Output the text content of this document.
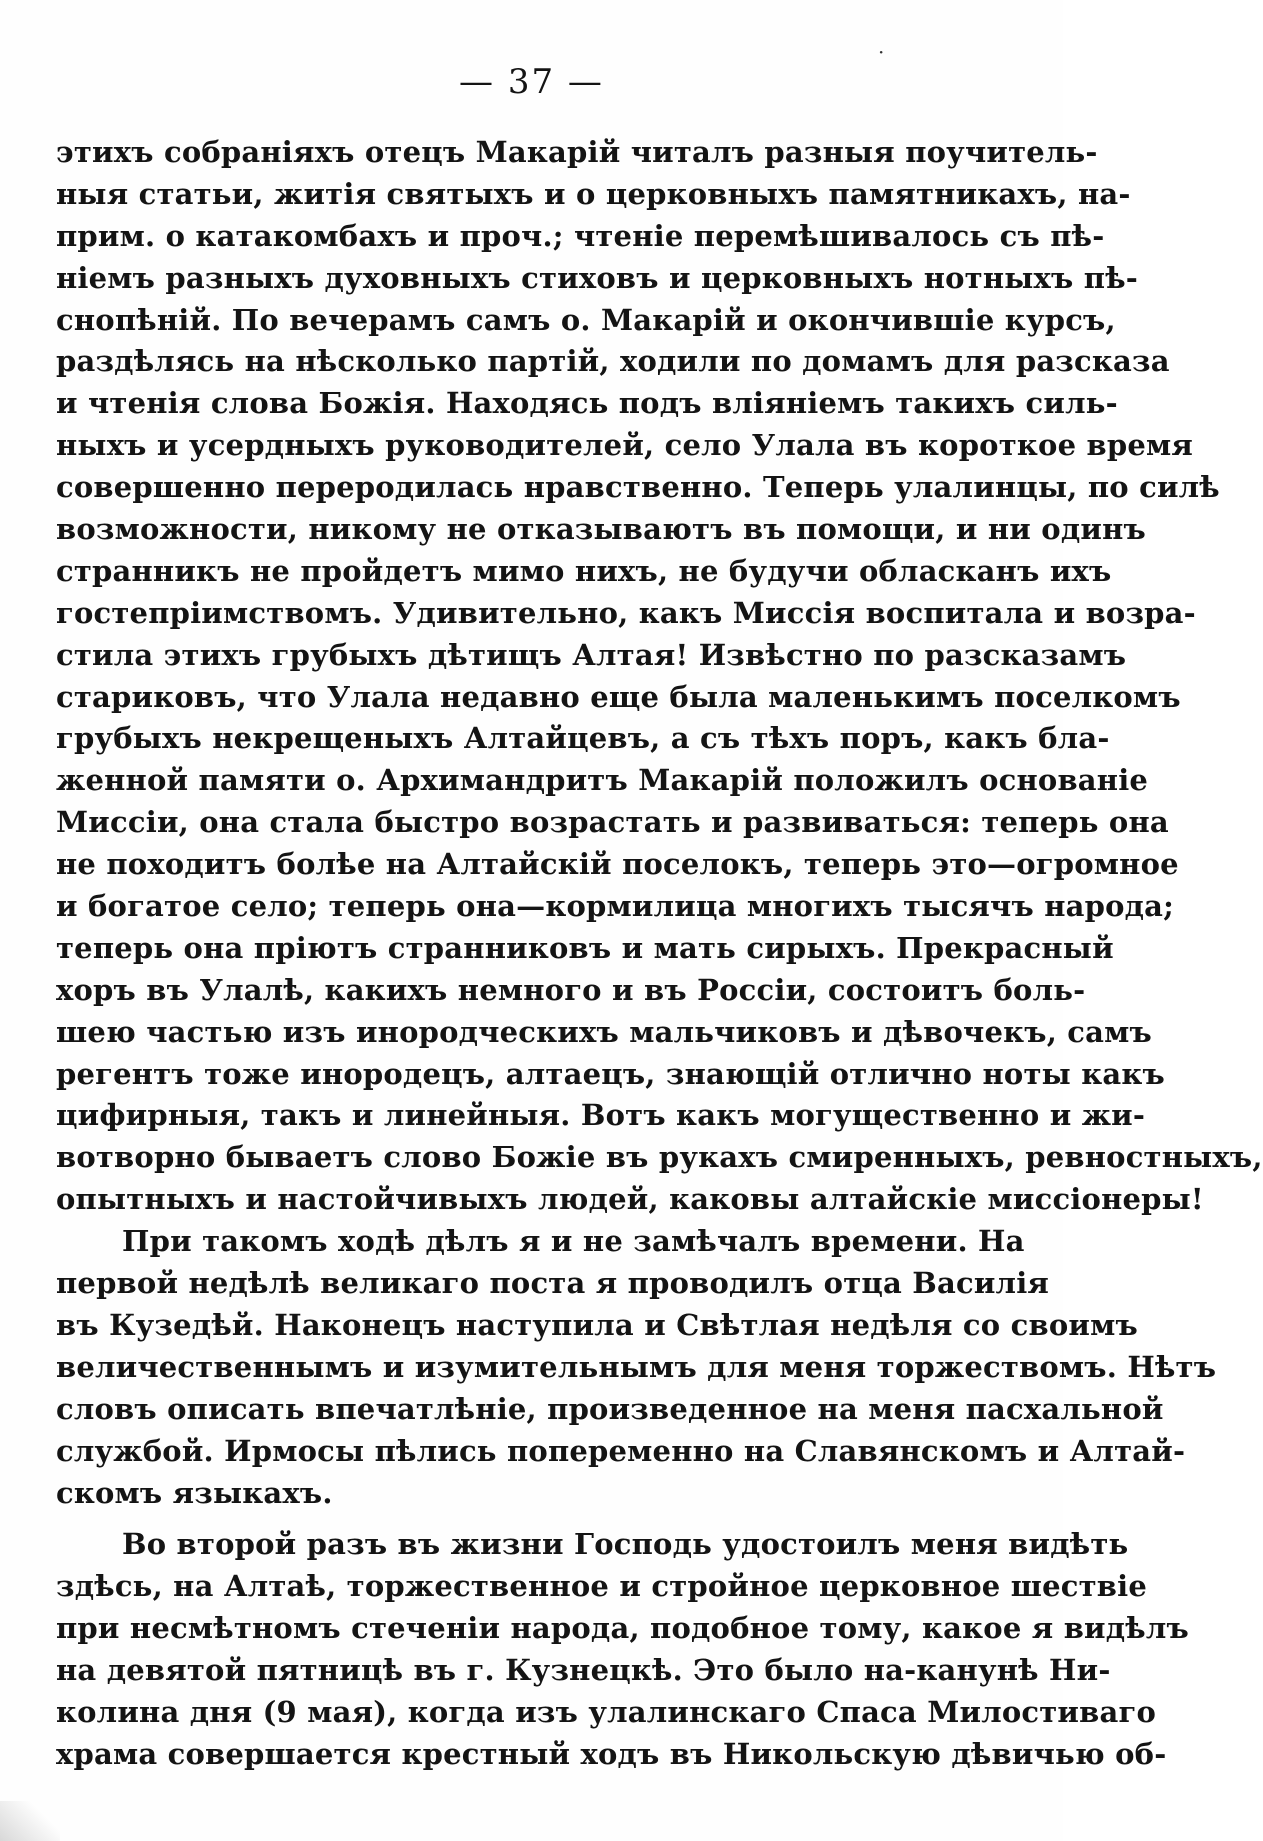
·
— 37 —
этихъ собраніяхъ отецъ Макарій читалъ разныя поучитель-
ныя статьи, житія святыхъ и о церковныхъ памятникахъ, на-
прим. о катакомбахъ и проч.; чтеніе перемѣшивалось съ пѣ-
ніемъ разныхъ духовныхъ стиховъ и церковныхъ нотныхъ пѣ-
снопѣній. По вечерамъ самъ о. Макарій и окончившіе курсъ,
раздѣлясь на нѣсколько партій, ходили по домамъ для разсказа
и чтенія слова Божія. Находясь подъ вліяніемъ такихъ силь-
ныхъ и усердныхъ руководителей, село Улала въ короткое время
совершенно переродилась нравственно. Теперь улалинцы, по силѣ
возможности, никому не отказываютъ въ помощи, и ни одинъ
странникъ не пройдетъ мимо нихъ, не будучи обласканъ ихъ
гостепріимствомъ. Удивительно, какъ Миссія воспитала и возра-
стила этихъ грубыхъ дѣтищъ Алтая! Извѣстно по разсказамъ
стариковъ, что Улала недавно еще была маленькимъ поселкомъ
грубыхъ некрещеныхъ Алтайцевъ, а съ тѣхъ поръ, какъ бла-
женной памяти о. Архимандритъ Макарій положилъ основаніе
Миссіи, она стала быстро возрастать и развиваться: теперь она
не походитъ болѣе на Алтайскій поселокъ, теперь это—огромное
и богатое село; теперь она—кормилица многихъ тысячъ народа;
теперь она пріютъ странниковъ и мать сирыхъ. Прекрасный
хоръ въ Улалѣ, какихъ немного и въ Россіи, состоитъ боль-
шею частью изъ инородческихъ мальчиковъ и дѣвочекъ, самъ
регентъ тоже инородецъ, алтаецъ, знающій отлично ноты какъ
цифирныя, такъ и линейныя. Вотъ какъ могущественно и жи-
вотворно бываетъ слово Божіе въ рукахъ смиренныхъ, ревностныхъ,
опытныхъ и настойчивыхъ людей, каковы алтайскіе миссіонеры!
При такомъ ходѣ дѣлъ я и не замѣчалъ времени. На
первой недѣлѣ великаго поста я проводилъ отца Василія
въ Кузедѣй. Наконецъ наступила и Свѣтлая недѣля со своимъ
величественнымъ и изумительнымъ для меня торжествомъ. Нѣтъ
словъ описать впечатлѣніе, произведенное на меня пасхальной
службой. Ирмосы пѣлись попеременно на Славянскомъ и Алтай-
скомъ языкахъ.
Во второй разъ въ жизни Господь удостоилъ меня видѣть
здѣсь, на Алтаѣ, торжественное и стройное церковное шествіе
при несмѣтномъ стеченіи народа, подобное тому, какое я видѣлъ
на девятой пятницѣ въ г. Кузнецкѣ. Это было на-канунѣ Ни-
колина дня (9 мая), когда изъ улалинскаго Спаса Милостиваго
храма совершается крестный ходъ въ Никольскую дѣвичью об-
